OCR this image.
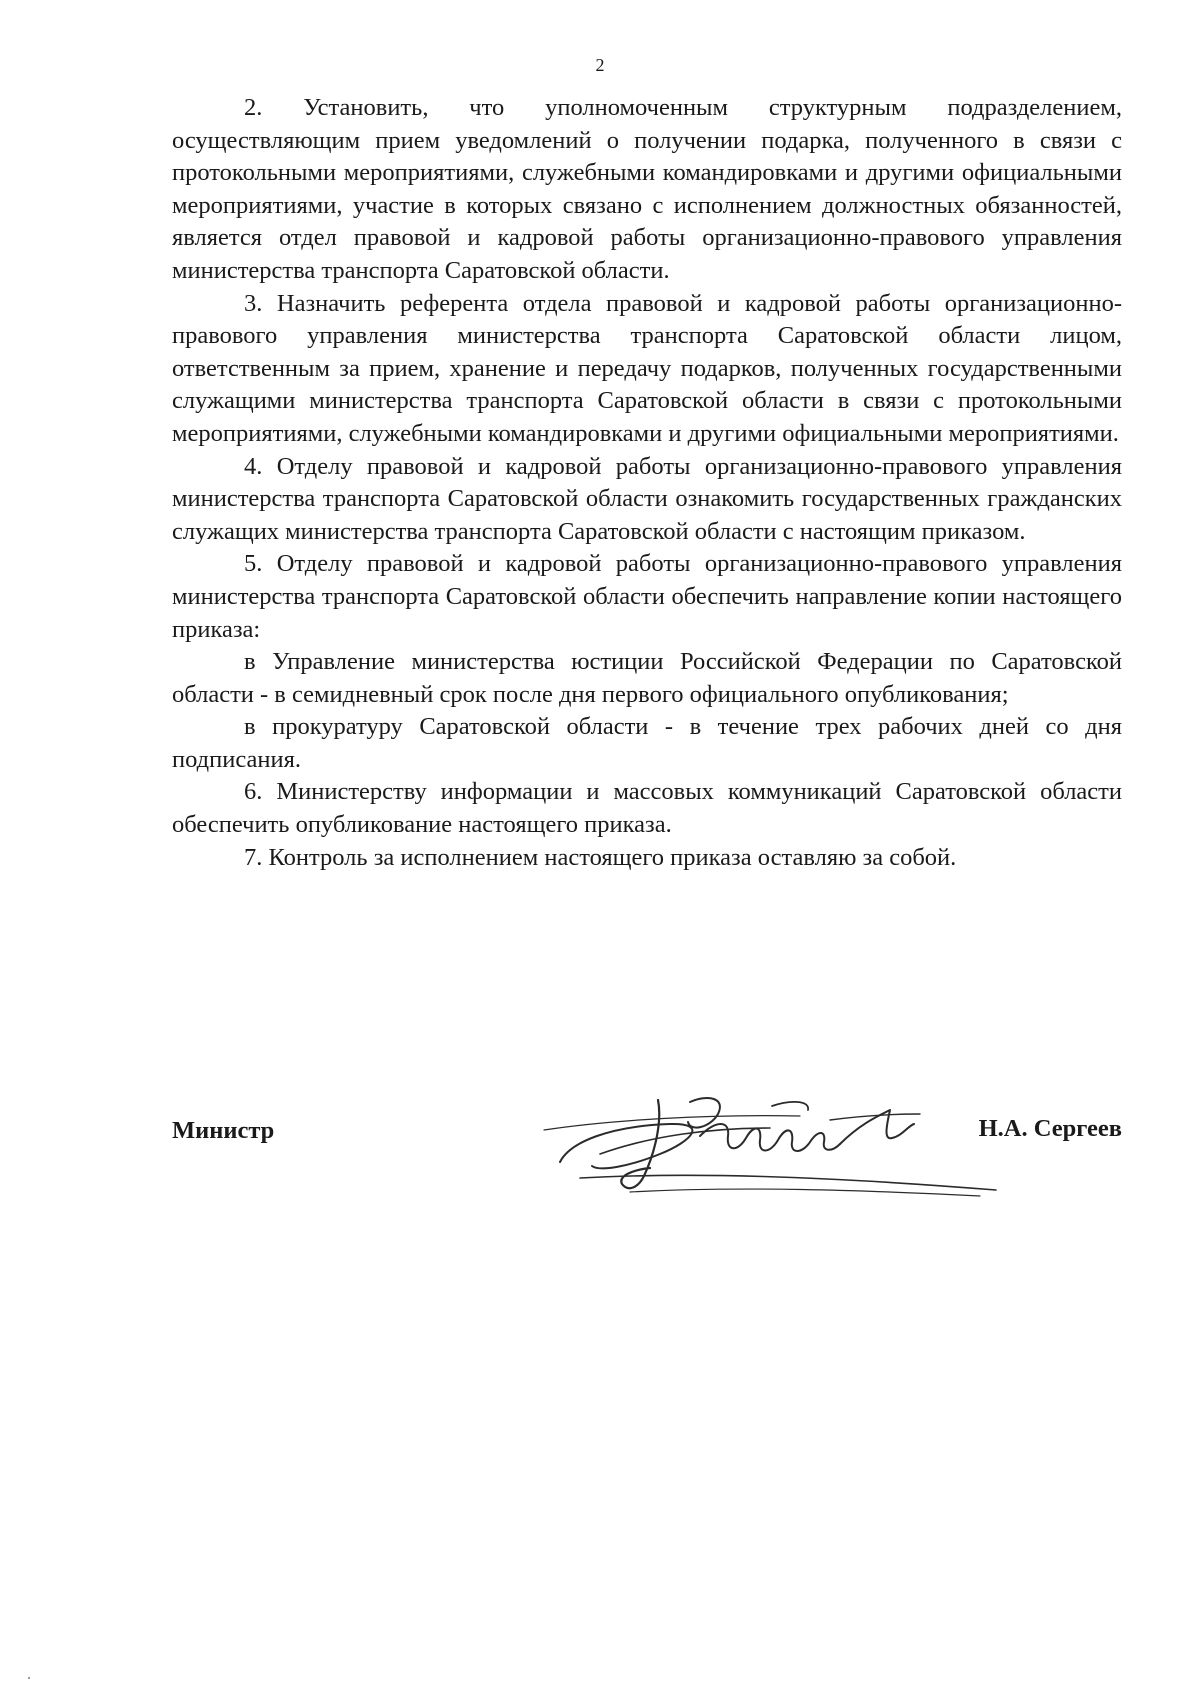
2

2. Установить, что уполномоченным структурным подразделением, осуществляющим прием уведомлений о получении подарка, полученного в связи с протокольными мероприятиями, служебными командировками и другими официальными мероприятиями, участие в которых связано с исполнением должностных обязанностей, является отдел правовой и кадровой работы организационно-правового управления министерства транспорта Саратовской области.

3. Назначить референта отдела правовой и кадровой работы организационно-правового управления министерства транспорта Саратовской области лицом, ответственным за прием, хранение и передачу подарков, полученных государственными служащими министерства транспорта Саратовской области в связи с протокольными мероприятиями, служебными командировками и другими официальными мероприятиями.

4. Отделу правовой и кадровой работы организационно-правового управления министерства транспорта Саратовской области ознакомить государственных гражданских служащих министерства транспорта Саратовской области с настоящим приказом.

5. Отделу правовой и кадровой работы организационно-правового управления министерства транспорта Саратовской области обеспечить направление копии настоящего приказа:

в Управление министерства юстиции Российской Федерации по Саратовской области - в семидневный срок после дня первого официального опубликования;

в прокуратуру Саратовской области - в течение трех рабочих дней со дня подписания.

6. Министерству информации и массовых коммуникаций Саратовской области обеспечить опубликование настоящего приказа.

7. Контроль за исполнением настоящего приказа оставляю за собой.

Министр	Н.А. Сергеев
